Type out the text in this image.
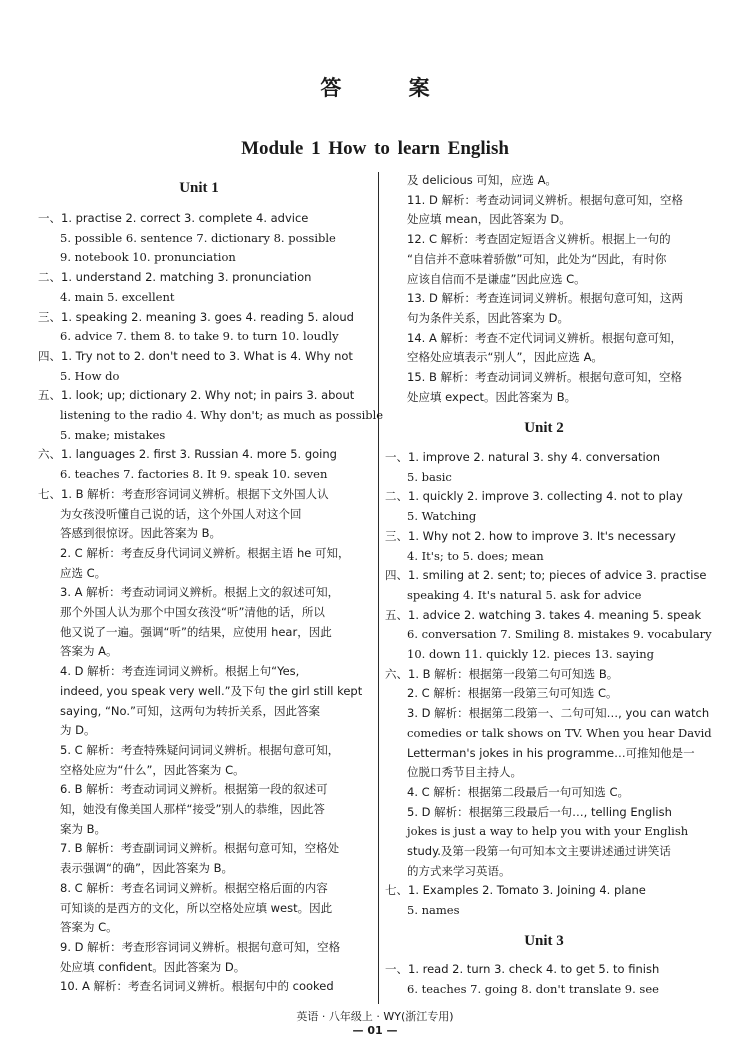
答 案
Module 1 How to learn English
Unit 1
一、1. practise 2. correct 3. complete 4. advice
5. possible 6. sentence 7. dictionary 8. possible
9. notebook 10. pronunciation
二、1. understand 2. matching 3. pronunciation
4. main 5. excellent
三、1. speaking 2. meaning 3. goes 4. reading 5. aloud
6. advice 7. them 8. to take 9. to turn 10. loudly
四、1. Try not to 2. don't need to 3. What is 4. Why not
5. How do
五、1. look; up; dictionary 2. Why not; in pairs 3. about
listening to the radio 4. Why don't; as much as possible
5. make; mistakes
六、1. languages 2. first 3. Russian 4. more 5. going
6. teaches 7. factories 8. It 9. speak 10. seven
七、1. B 解析：考查形容词词义辨析。根据下文外国人认
为女孩没听懂自己说的话，这个外国人对这个回
答感到很惊讶。因此答案为 B。
2. C 解析：考查反身代词词义辨析。根据主语 he 可知，
应选 C。
3. A 解析：考查动词词义辨析。根据上文的叙述可知，
那个外国人认为那个中国女孩没“听”清他的话，所以
他又说了一遍。强调“听”的结果，应使用 hear，因此
答案为 A。
4. D 解析：考查连词词义辨析。根据上句“Yes,
indeed, you speak very well.”及下句 the girl still kept
saying, “No.”可知，这两句为转折关系，因此答案
为 D。
5. C 解析：考查特殊疑问词词义辨析。根据句意可知，
空格处应为“什么”，因此答案为 C。
6. B 解析：考查动词词义辨析。根据第一段的叙述可
知，她没有像美国人那样“接受”别人的恭维，因此答
案为 B。
7. B 解析：考查副词词义辨析。根据句意可知，空格处
表示强调“的确”，因此答案为 B。
8. C 解析：考查名词词义辨析。根据空格后面的内容
可知谈的是西方的文化，所以空格处应填 west。因此
答案为 C。
9. D 解析：考查形容词词义辨析。根据句意可知，空格
处应填 confident。因此答案为 D。
10. A 解析：考查名词词义辨析。根据句中的 cooked
及 delicious 可知，应选 A。
11. D 解析：考查动词词义辨析。根据句意可知，空格
处应填 mean，因此答案为 D。
12. C 解析：考查固定短语含义辨析。根据上一句的
“自信并不意味着骄傲”可知，此处为“因此，有时你
应该自信而不是谦虚”因此应选 C。
13. D 解析：考查连词词义辨析。根据句意可知，这两
句为条件关系，因此答案为 D。
14. A 解析：考查不定代词词义辨析。根据句意可知，
空格处应填表示“别人”，因此应选 A。
15. B 解析：考查动词词义辨析。根据句意可知，空格
处应填 expect。因此答案为 B。
Unit 2
一、1. improve 2. natural 3. shy 4. conversation
5. basic
二、1. quickly 2. improve 3. collecting 4. not to play
5. Watching
三、1. Why not 2. how to improve 3. It's necessary
4. It's; to 5. does; mean
四、1. smiling at 2. sent; to; pieces of advice 3. practise
speaking 4. It's natural 5. ask for advice
五、1. advice 2. watching 3. takes 4. meaning 5. speak
6. conversation 7. Smiling 8. mistakes 9. vocabulary
10. down 11. quickly 12. pieces 13. saying
六、1. B 解析：根据第一段第二句可知选 B。
2. C 解析：根据第一段第三句可知选 C。
3. D 解析：根据第二段第一、二句可知…, you can watch
comedies or talk shows on TV. When you hear David
Letterman's jokes in his programme…可推知他是一
位脱口秀节目主持人。
4. C 解析：根据第二段最后一句可知选 C。
5. D 解析：根据第三段最后一句…, telling English
jokes is just a way to help you with your English
study.及第一段第一句可知本文主要讲述通过讲笑话
的方式来学习英语。
七、1. Examples 2. Tomato 3. Joining 4. plane
5. names
Unit 3
一、1. read 2. turn 3. check 4. to get 5. to finish
6. teaches 7. going 8. don't translate 9. see
英语 · 八年级上 · WY(浙江专用)
— 01 —
